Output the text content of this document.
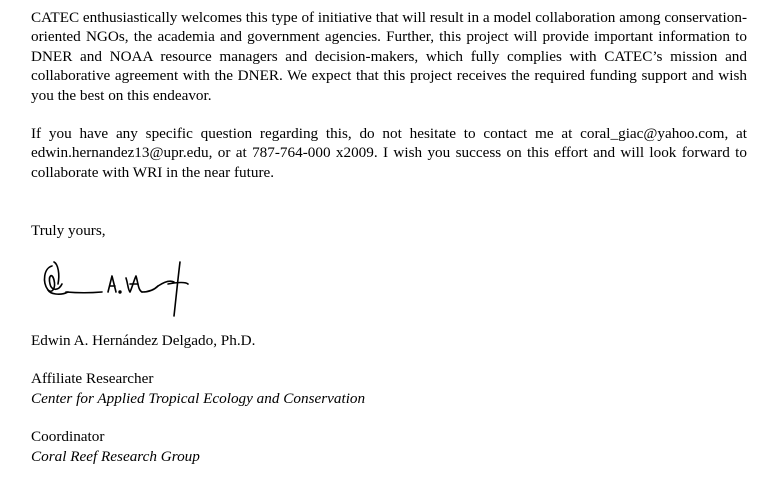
CATEC enthusiastically welcomes this type of initiative that will result in a model collaboration among conservation-oriented NGOs, the academia and government agencies. Further, this project will provide important information to DNER and NOAA resource managers and decision-makers, which fully complies with CATEC’s mission and collaborative agreement with the DNER. We expect that this project receives the required funding support and wish you the best on this endeavor.

If you have any specific question regarding this, do not hesitate to contact me at coral_giac@yahoo.com, at edwin.hernandez13@upr.edu, or at 787-764-000 x2009. I wish you success on this effort and will look forward to collaborate with WRI in the near future.

Truly yours,

Edwin A. Hernández Delgado, Ph.D.
Affiliate Researcher
Center for Applied Tropical Ecology and Conservation
Coordinator
Coral Reef Research Group
